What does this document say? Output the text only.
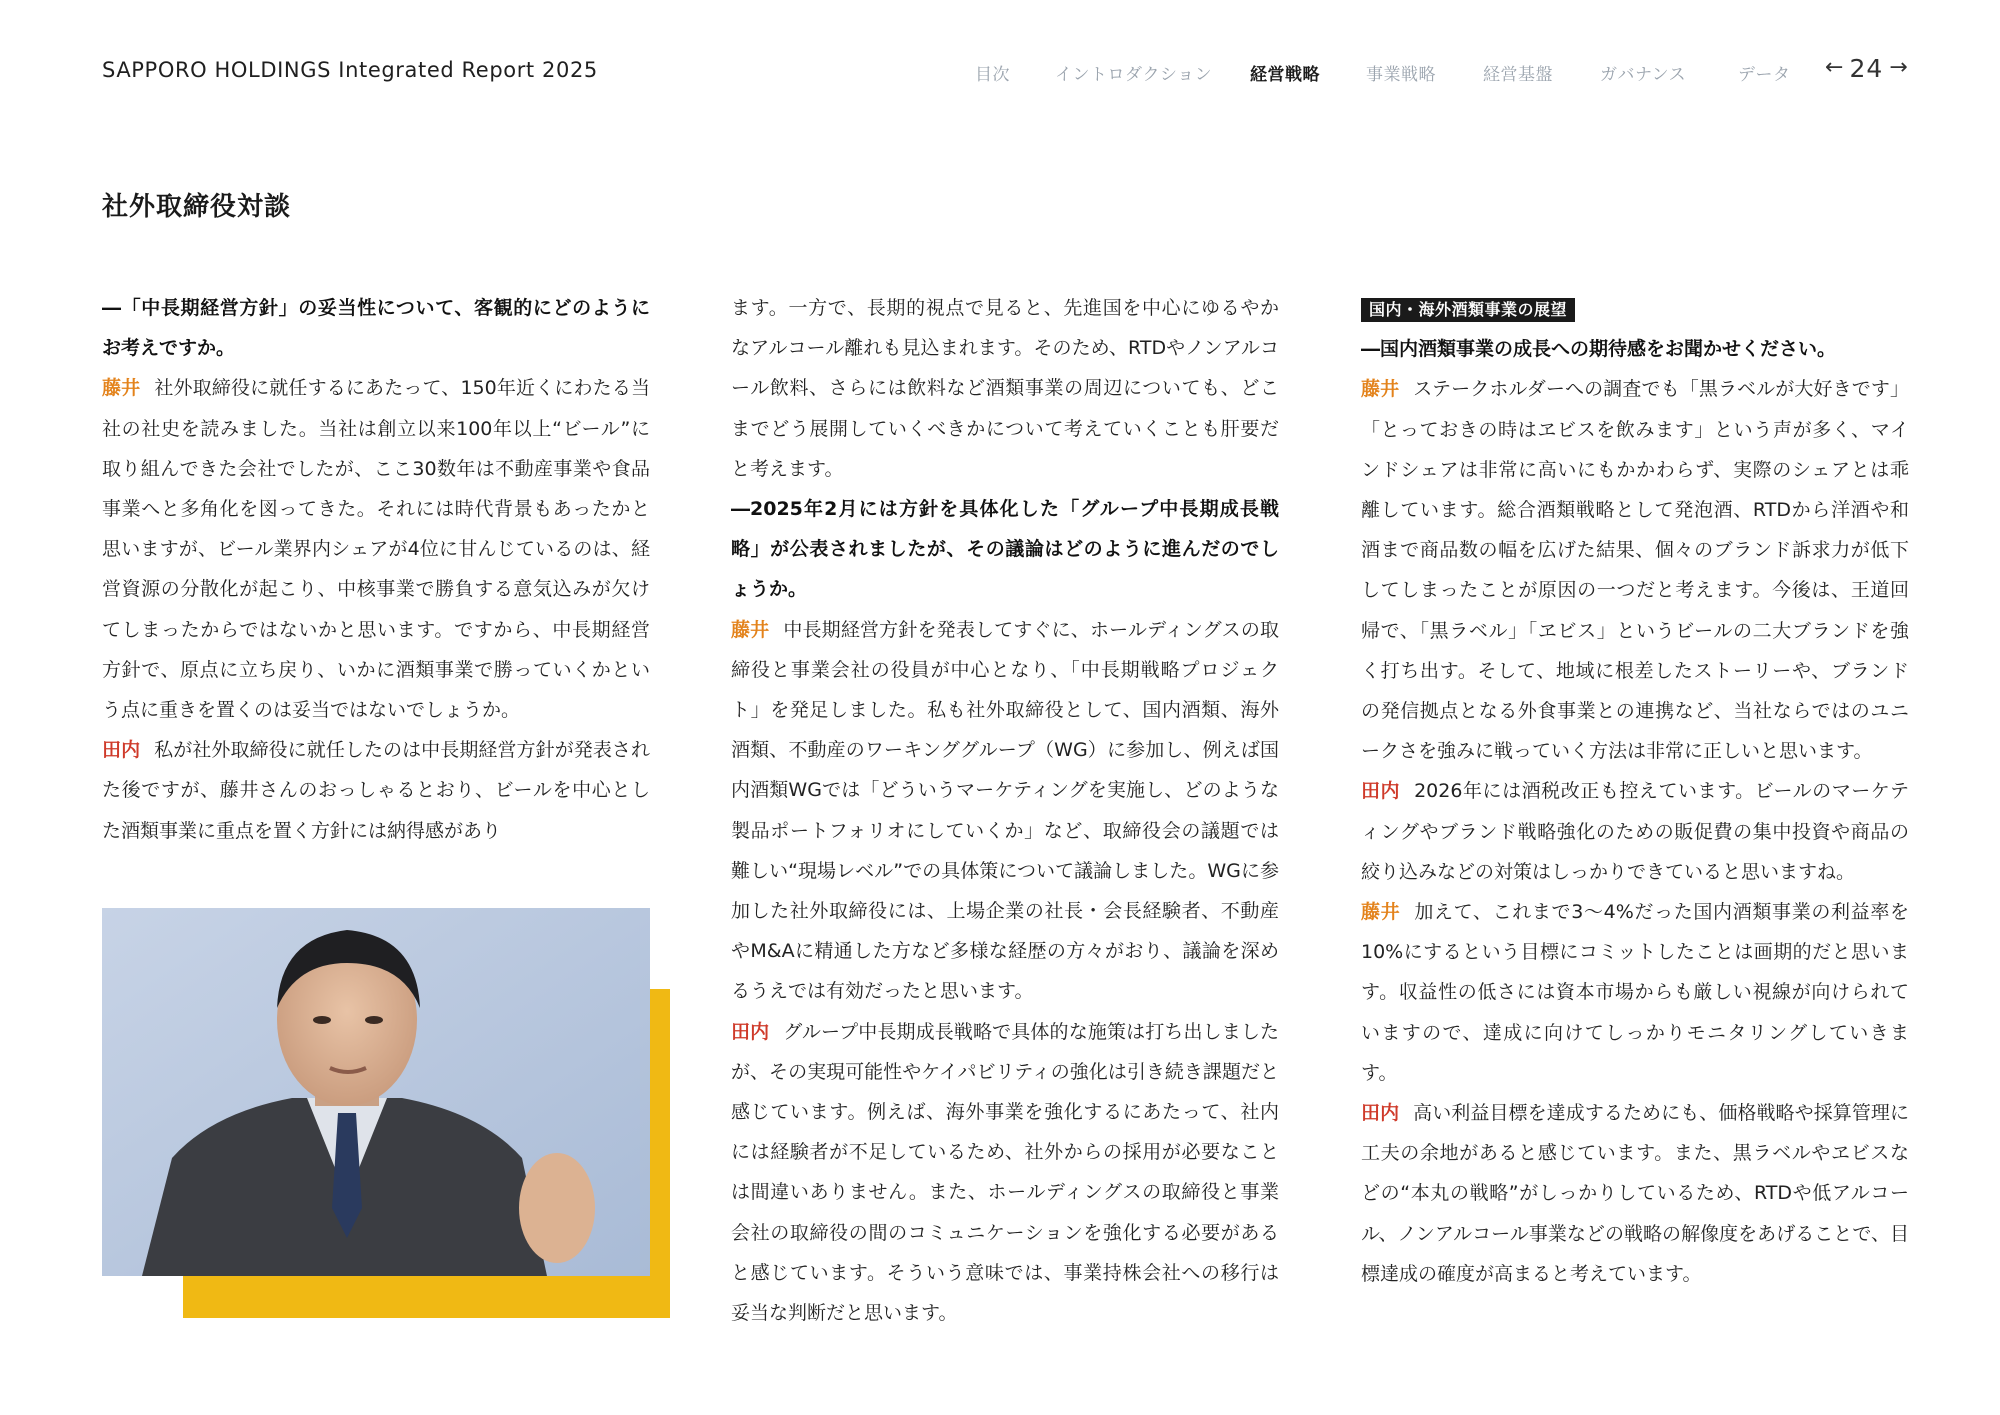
SAPPORO HOLDINGS Integrated Report 2025	目次	イントロダクション 経営戦略	事業戦略	経営基盤	ガバナンス	データ ← 24 →
社外取締役対談

―「中長期経営方針」の妥当性について、客観的にどのようにお考えですか。

藤井 社外取締役に就任するにあたって、150年近くにわたる当社の社史を読みました。当社は創立以来100年以上“ビール”に取り組んできた会社でしたが、ここ30数年は不動産事業や食品事業へと多角化を図ってきた。それには時代背景もあったかと思いますが、ビール業界内シェアが4位に甘んじているのは、経営資源の分散化が起こり、中核事業で勝負する意気込みが欠けてしまったからではないかと思います。ですから、中長期経営方針で、原点に立ち戻り、いかに酒類事業で勝っていくかという点に重きを置くのは妥当ではないでしょうか。

田内 私が社外取締役に就任したのは中長期経営方針が発表された後ですが、藤井さんのおっしゃるとおり、ビールを中心とした酒類事業に重点を置く方針には納得感があり

ます。一方で、長期的視点で見ると、先進国を中心にゆるやかなアルコール離れも見込まれます。そのため、RTDやノンアルコール飲料、さらには飲料など酒類事業の周辺についても、どこまでどう展開していくべきかについて考えていくことも肝要だと考えます。

―2025年2月には方針を具体化した「グループ中長期成長戦略」が公表されましたが、その議論はどのように進んだのでしょうか。

藤井 中長期経営方針を発表してすぐに、ホールディングスの取締役と事業会社の役員が中心となり、「中長期戦略プロジェクト」を発足しました。私も社外取締役として、国内酒類、海外酒類、不動産のワーキンググループ（WG）に参加し、例えば国内酒類WGでは「どういうマーケティングを実施し、どのような製品ポートフォリオにしていくか」など、取締役会の議題では難しい“現場レベル”での具体策について議論しました。WGに参加した社外取締役には、上場企業の社長・会長経験者、不動産やM&Aに精通した方など多様な経歴の方々がおり、議論を深めるうえでは有効だったと思います。

田内 グループ中長期成長戦略で具体的な施策は打ち出しましたが、その実現可能性やケイパビリティの強化は引き続き課題だと感じています。例えば、海外事業を強化するにあたって、社内には経験者が不足しているため、社外からの採用が必要なことは間違いありません。また、ホールディングスの取締役と事業会社の取締役の間のコミュニケーションを強化する必要があると感じています。そういう意味では、事業持株会社への移行は妥当な判断だと思います。

国内・海外酒類事業の展望

―国内酒類事業の成長への期待感をお聞かせください。

藤井 ステークホルダーへの調査でも「黒ラベルが大好きです」「とっておきの時はヱビスを飲みます」という声が多く、マインドシェアは非常に高いにもかかわらず、実際のシェアとは乖離しています。総合酒類戦略として発泡酒、RTDから洋酒や和酒まで商品数の幅を広げた結果、個々のブランド訴求力が低下してしまったことが原因の一つだと考えます。今後は、王道回帰で、「黒ラベル」「ヱビス」というビールの二大ブランドを強く打ち出す。そして、地域に根差したストーリーや、ブランドの発信拠点となる外食事業との連携など、当社ならではのユニークさを強みに戦っていく方法は非常に正しいと思います。

田内 2026年には酒税改正も控えています。ビールのマーケティングやブランド戦略強化のための販促費の集中投資や商品の絞り込みなどの対策はしっかりできていると思いますね。

藤井 加えて、これまで3〜4%だった国内酒類事業の利益率を10%にするという目標にコミットしたことは画期的だと思います。収益性の低さには資本市場からも厳しい視線が向けられていますので、達成に向けてしっかりモニタリングしていきます。

田内 高い利益目標を達成するためにも、価格戦略や採算管理に工夫の余地があると感じています。また、黒ラベルやヱビスなどの“本丸の戦略”がしっかりしているため、RTDや低アルコール、ノンアルコール事業などの戦略の解像度をあげることで、目標達成の確度が高まると考えています。
